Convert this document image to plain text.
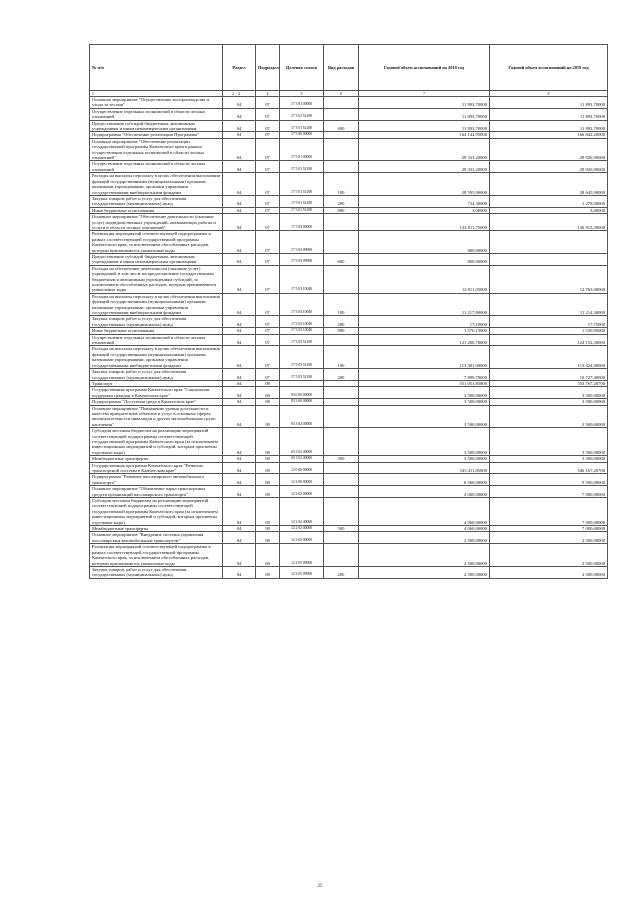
№ п/п	Раздел	Подраздел	Целевая статья	Вид расходов	Годовой объем ассигнований на 2018 год	Годовой объем ассигнований на 2019 год
1	3	4	5	6	7	8
Основное мероприятие "Осуществление воспроизводства и ухода за лесами"	04	07	17 3 01 00000		11 893,70000	11 893,70000
Осуществление отдельных полномочий в области лесных отношений	04	07	17 3 01 51290		11 893,70000	11 893,70000
Предоставление субсидий бюджетным, автономным учреждениям и иным некоммерческим организациям	04	07	17 3 01 51290	600	11 893,70000	11 893,70000
Подпрограмма "Обеспечение реализации Программы"	04	07	17 5 00 00000		164 144,95000	166 842,20000
Основное мероприятие "Обеспечение реализации государственной программы Камчатского края в рамках осуществления отдельных полномочий в области лесных отношений"	04	07	17 5 01 00000		29 333,20000	29 926,90000
Осуществление отдельных полномочий в области лесных отношений	04	07	17 5 01 51290		29 333,20000	29 926,90000
Расходы на выплаты персоналу в целях обеспечения выполнения функций государственными (муниципальными) органами, казенными учреждениями, органами управления государственными внебюджетными фондами	04	07	17 5 01 51290	100	28 595,90000	28 645,90000
Закупка товаров, работ и услуг для обеспечения государственных (муниципальных) нужд	04	07	17 5 01 51290	200	734,30000	1 278,00000
Иные бюджетные ассигнования	04	07	17 5 01 51290	800	3,00000	3,00000
Основное мероприятие "Обеспечение деятельности (оказание услуг) подведомственных учреждений, оказывающих работы и услуги в области лесных отношений"	04	07	17 5 03 00000		134 811,75000	136 915,30000
Реализация мероприятий соответствующей подпрограммы в рамках соответствующей государственной программы Камчатского края, за исключением обособленных расходов, которым присваиваются уникальные коды	04	07	17 5 03 09990		800,00000	
Предоставление субсидий бюджетным, автономным учреждениям и иным некоммерческим организациям	04	07	17 5 03 09990	600	800,00000	
Расходы на обеспечение деятельности (оказание услуг) учреждений, в том числе на предоставление государственным бюджетным и автономным учреждениям субсидий, за исключением обособленных расходов, которым присваиваются уникальные коды	04	07	17 5 03 10040		12 811,05000	12 763,00000
Расходы на выплаты персоналу в целях обеспечения выполнения функций государственными (муниципальными) органами, казенными учреждениями, органами управления государственными внебюджетными фондами	04	07	17 5 03 10040	100	11 217,80000	11 214,30000
Закупка товаров, работ и услуг для обеспечения государственных (муниципальных) нужд	04	07	17 5 03 10040	200	17,10000	17,75000
Иные бюджетные ассигнования	04	07	17 5 03 10040	800	1 576,15000	1 530,95000
Осуществление отдельных полномочий в области лесных отношений	04	07	17 5 03 51290		121 200,70000	124 152,30000
Расходы на выплаты персоналу в целях обеспечения выполнения функций государственными (муниципальными) органами, казенными учреждениями, органами управления государственными внебюджетными фондами	04	07	17 5 03 51290	100	113 301,00000	113 424,90000
Закупка товаров, работ и услуг для обеспечения государственных (муниципальных) нужд	04	07	17 5 03 51290	200	7 899,70000	10 727,40000
Транспорт	04	08			551 051,85800	553 767,20700
Государственная программа Камчатского края "Социальная поддержка граждан в Камчатском крае"	04	08	03 0 00 00000		3 500,00000	3 500,00000
Подпрограмма "Доступная среда в Камчатском крае"	04	08	03 3 00 00000		3 500,00000	3 500,00000
Основное мероприятие "Повышение уровня доступности и качества приоритетных объектов и услуг в основных сферах жизнедеятельности инвалидов и других маломобильных групп населения"	04	08	03 3 02 00000		3 500,00000	3 500,00000
Субсидии местным бюджетам на реализацию мероприятий соответствующей подпрограммы соответствующей государственной программы Камчатского края (за исключением инвестиционных мероприятий и субсидий, которым присвоены отдельные коды)	04	08	03 3 02 40060		3 500,00000	3 500,00000
Межбюджетные трансферты	04	08	03 3 02 40060	500	3 500,00000	3 500,00000
Государственная программа Камчатского края "Развитие транспортной системы в Камчатском крае"	04	08	12 0 00 00000		543 411,85800	546 167,20700
Подпрограмма "Развитие пассажирского автомобильного транспорта"	04	08	12 2 00 00000		6 560,00000	9 500,00000
Основное мероприятие "Обновление парка транспортных средств организаций пассажирского транспорта"	04	08	12 2 02 00000		4 060,00000	7 000,00000
Субсидии местным бюджетам на реализацию мероприятий соответствующей подпрограммы соответствующей государственной программы Камчатского края (за исключением инвестиционных мероприятий и субсидий, которым присвоены отдельные коды)	04	08	12 2 02 40060		4 060,00000	7 000,00000
Межбюджетные трансферты	04	08	12 2 02 40060	500	4 060,00000	7 000,00000
Основное мероприятие "Внедрение системы управления пассажирским автомобильным транспортом"	04	08	12 2 05 00000		2 500,00000	2 500,00000
Реализация мероприятий соответствующей подпрограммы в рамках соответствующей государственной программы Камчатского края, за исключением обособленных расходов, которым присваиваются уникальные коды	04	08	12 2 05 09990		2 500,00000	2 500,00000
Закупка товаров, работ и услуг для обеспечения государственных (муниципальных) нужд	04	08	12 2 05 09990	200	2 500,00000	2 500,00000
2
25
